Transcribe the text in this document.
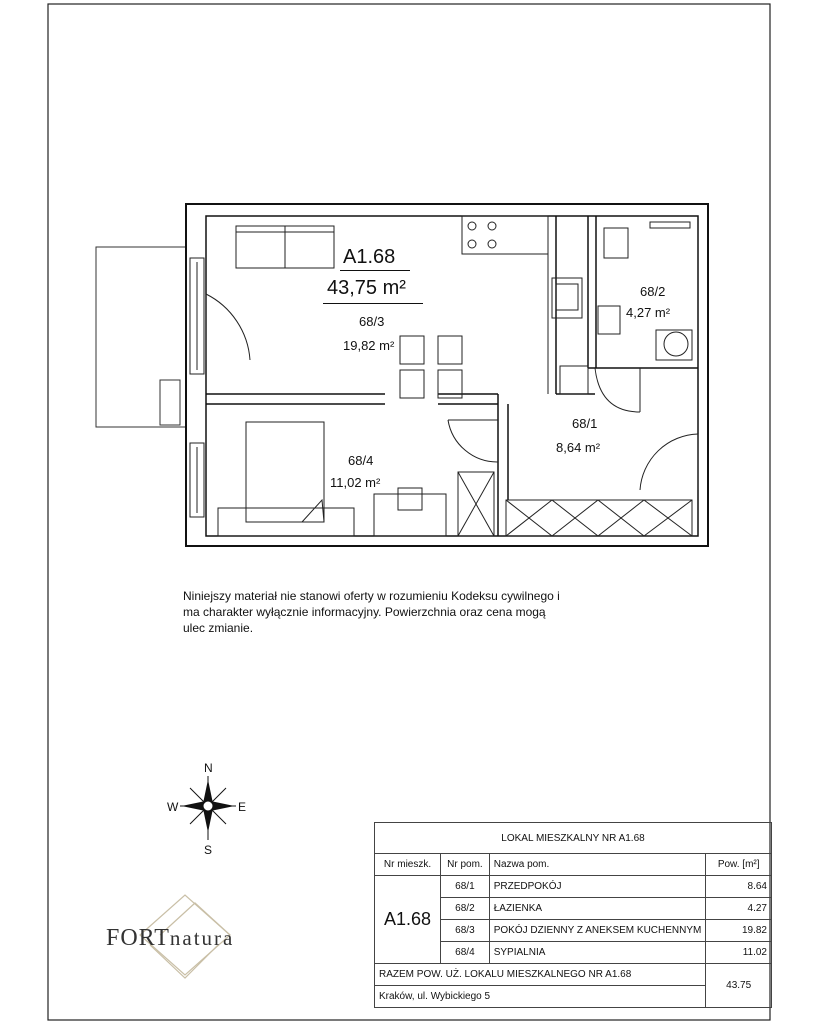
A1.68
43,75 m²
68/3
19,82 m²
68/2
4,27 m²
68/1
8,64 m²
68/4
11,02 m²
Niniejszy materiał nie stanowi oferty w rozumieniu Kodeksu cywilnego i ma charakter wyłącznie informacyjny. Powierzchnia oraz cena mogą ulec zmianie.
N
S
E
W
FORTnatura
LOKAL MIESZKALNY NR A1.68			
Nr mieszk.	Nr pom.	Nazwa pom.	Pow. [m²]
A1.68	68/1	PRZEDPOKÓJ	8.64
	68/2	ŁAZIENKA	4.27
	68/3	POKÓJ DZIENNY Z ANEKSEM KUCHENNYM	19.82
	68/4	SYPIALNIA	11.02
RAZEM POW. UŻ. LOKALU MIESZKALNEGO NR A1.68			43.75
Kraków, ul. Wybickiego 5			
